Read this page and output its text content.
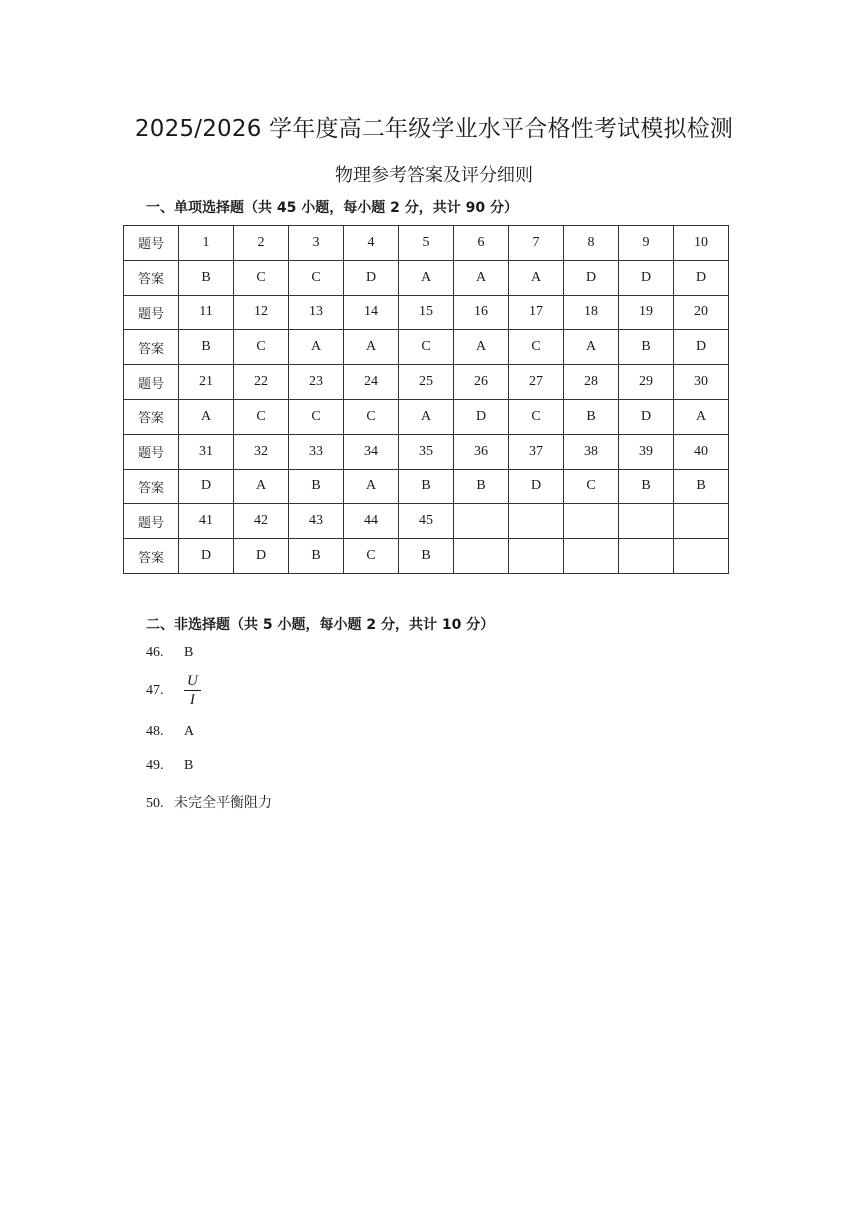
2025/2026 学年度高二年级学业水平合格性考试模拟检测
物理参考答案及评分细则
一、单项选择题（共 45 小题，每小题 2 分，共计 90 分）
题号	1	2	3	4	5	6	7	8	9	10
答案	B	C	C	D	A	A	A	D	D	D
题号	11	12	13	14	15	16	17	18	19	20
答案	B	C	A	A	C	A	C	A	B	D
题号	21	22	23	24	25	26	27	28	29	30
答案	A	C	C	C	A	D	C	B	D	A
题号	31	32	33	34	35	36	37	38	39	40
答案	D	A	B	A	B	B	D	C	B	B
题号	41	42	43	44	45					
答案	D	D	B	C	B					
二、非选择题（共 5 小题，每小题 2 分，共计 10 分）
46. B
47. $\frac{U}{I}$
48. A
49. B
50. 未完全平衡阻力
